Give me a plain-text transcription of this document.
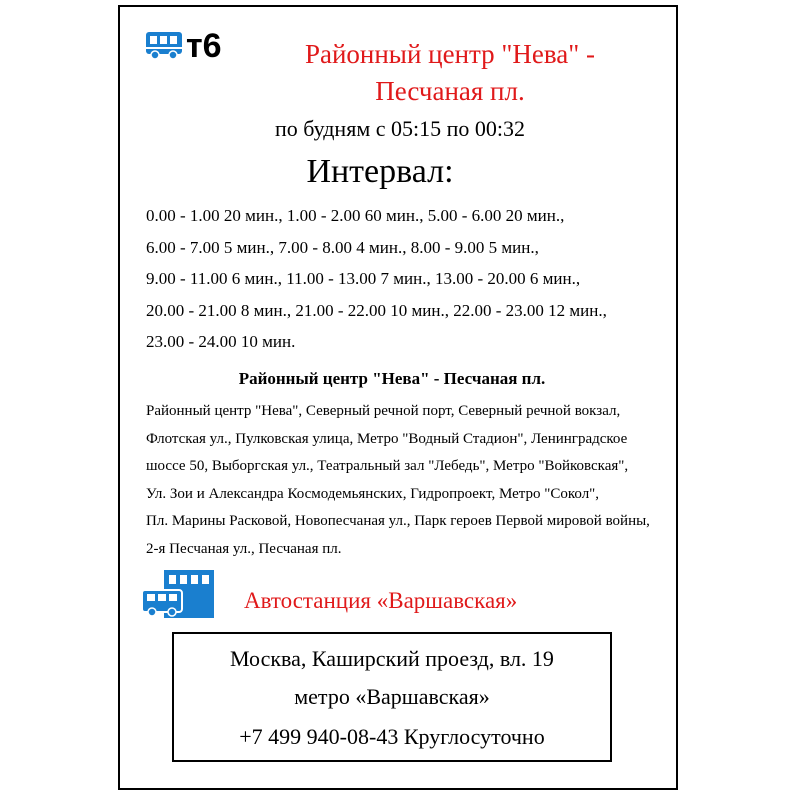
т6	Районный центр "Нева" -
Песчаная пл.
по будням с 05:15 по 00:32
Интервал:
0.00 - 1.00 20 мин., 1.00 - 2.00 60 мин., 5.00 - 6.00 20 мин.,
6.00 - 7.00 5 мин., 7.00 - 8.00 4 мин., 8.00 - 9.00 5 мин.,
9.00 - 11.00 6 мин., 11.00 - 13.00 7 мин., 13.00 - 20.00 6 мин.,
20.00 - 21.00 8 мин., 21.00 - 22.00 10 мин., 22.00 - 23.00 12 мин.,
23.00 - 24.00 10 мин.
Районный центр "Нева" - Песчаная пл.
Районный центр "Нева", Северный речной порт, Северный речной вокзал,
Флотская ул., Пулковская улица, Метро "Водный Стадион", Ленинградское
шоссе 50, Выборгская ул., Театральный зал "Лебедь", Метро "Войковская",
Ул. Зои и Александра Космодемьянских, Гидропроект, Метро "Сокол",
Пл. Марины Расковой, Новопесчаная ул., Парк героев Первой мировой войны,
2-я Песчаная ул., Песчаная пл.
Автостанция «Варшавская»
Москва, Каширский проезд, вл. 19
метро «Варшавская»
+7 499 940-08-43 Круглосуточно
